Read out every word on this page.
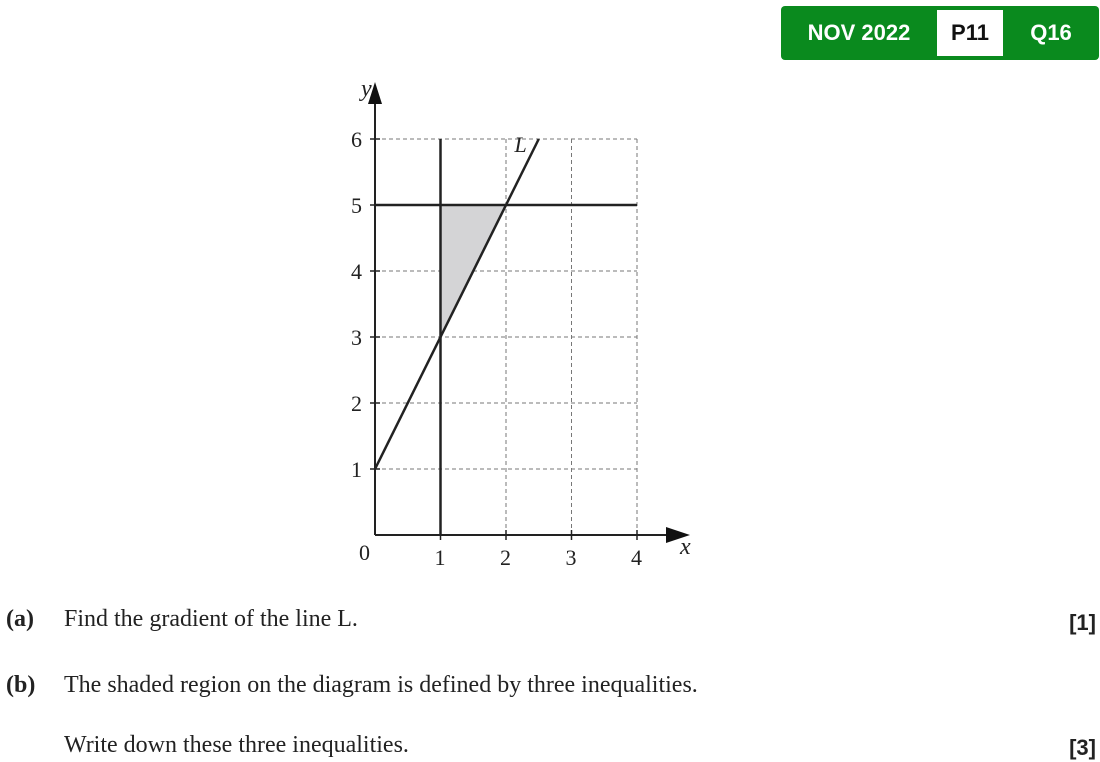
NOV 2022	P11	Q16
1 2 3 4
1
2
3
4
5
6	L
x
y
0
(a) Find the gradient of the line L.	[1]
(b) The shaded region on the diagram is defined by three inequalities.
Write down these three inequalities.	[3]
